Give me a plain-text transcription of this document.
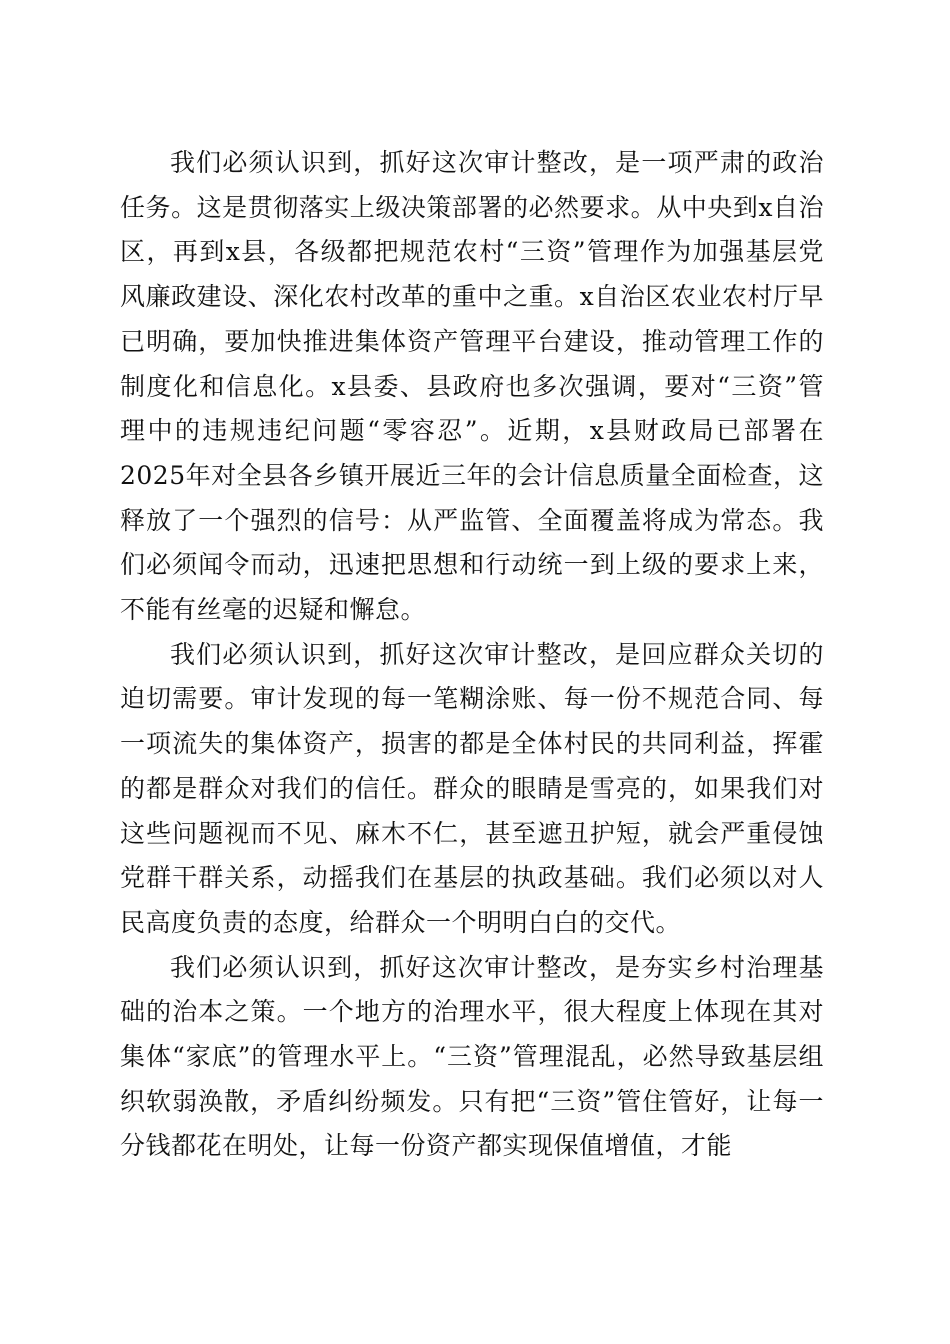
我们必须认识到，抓好这次审计整改，是一项严肃的政治任务。这是贯彻落实上级决策部署的必然要求。从中央到x自治区，再到x县，各级都把规范农村“三资”管理作为加强基层党风廉政建设、深化农村改革的重中之重。x自治区农业农村厅早已明确，要加快推进集体资产管理平台建设，推动管理工作的制度化和信息化。x县委、县政府也多次强调，要对“三资”管理中的违规违纪问题“零容忍”。近期，x县财政局已部署在2025年对全县各乡镇开展近三年的会计信息质量全面检查，这释放了一个强烈的信号：从严监管、全面覆盖将成为常态。我们必须闻令而动，迅速把思想和行动统一到上级的要求上来，不能有丝毫的迟疑和懈怠。

我们必须认识到，抓好这次审计整改，是回应群众关切的迫切需要。审计发现的每一笔糊涂账、每一份不规范合同、每一项流失的集体资产，损害的都是全体村民的共同利益，挥霍的都是群众对我们的信任。群众的眼睛是雪亮的，如果我们对这些问题视而不见、麻木不仁，甚至遮丑护短，就会严重侵蚀党群干群关系，动摇我们在基层的执政基础。我们必须以对人民高度负责的态度，给群众一个明明白白的交代。

我们必须认识到，抓好这次审计整改，是夯实乡村治理基础的治本之策。一个地方的治理水平，很大程度上体现在其对集体“家底”的管理水平上。“三资”管理混乱，必然导致基层组织软弱涣散，矛盾纠纷频发。只有把“三资”管住管好，让每一分钱都花在明处，让每一份资产都实现保值增值，才能
